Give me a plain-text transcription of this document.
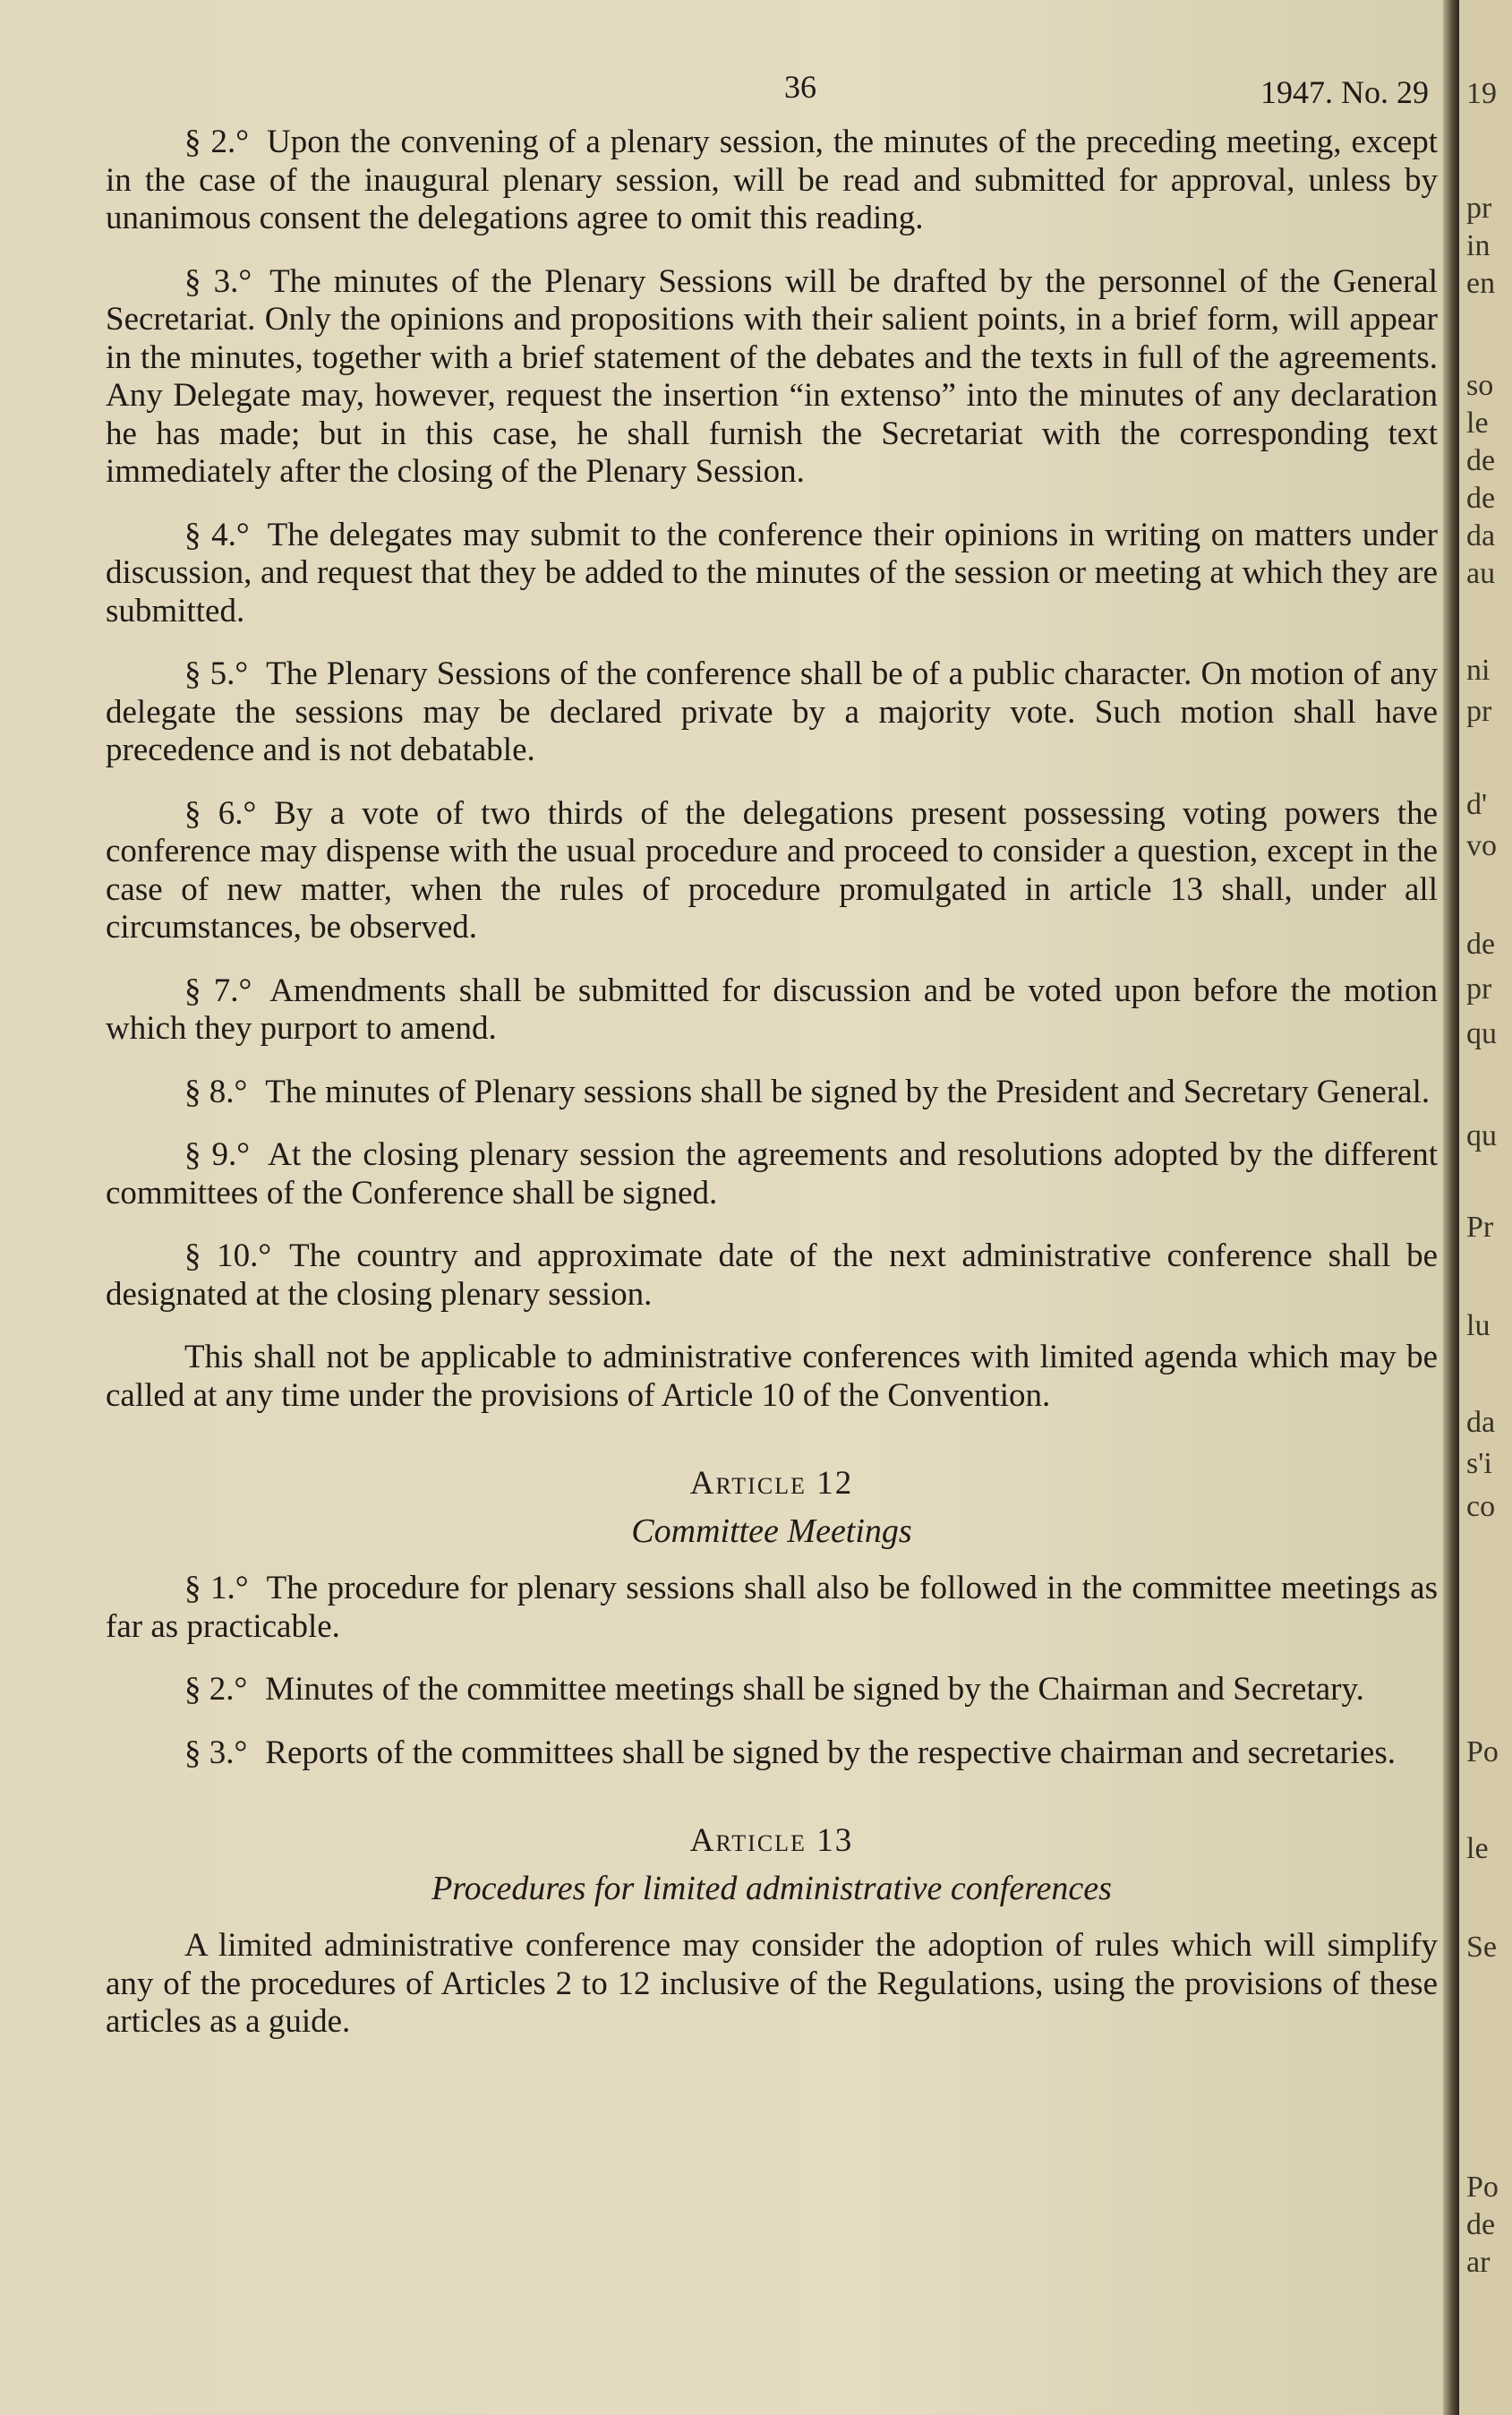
36	1947. No. 29

§ 2.° Upon the convening of a plenary session, the minutes of the preceding meeting, except in the case of the inaugural plenary session, will be read and submitted for approval, unless by unanimous consent the delegations agree to omit this reading.

§ 3.° The minutes of the Plenary Sessions will be drafted by the personnel of the General Secretariat. Only the opinions and propositions with their salient points, in a brief form, will appear in the minutes, together with a brief statement of the debates and the texts in full of the agreements. Any Delegate may, however, request the insertion “in extenso” into the minutes of any declaration he has made; but in this case, he shall furnish the Secretariat with the corresponding text immediately after the closing of the Plenary Session.

§ 4.° The delegates may submit to the conference their opinions in writing on matters under discussion, and request that they be added to the minutes of the session or meeting at which they are submitted.

§ 5.° The Plenary Sessions of the conference shall be of a public character. On motion of any delegate the sessions may be declared private by a majority vote. Such motion shall have precedence and is not debatable.

§ 6.° By a vote of two thirds of the delegations present possessing voting powers the conference may dispense with the usual procedure and proceed to consider a question, except in the case of new matter, when the rules of procedure promulgated in article 13 shall, under all circumstances, be observed.

§ 7.° Amendments shall be submitted for discussion and be voted upon before the motion which they purport to amend.

§ 8.° The minutes of Plenary sessions shall be signed by the President and Secretary General.

§ 9.° At the closing plenary session the agreements and resolutions adopted by the different committees of the Conference shall be signed.

§ 10.° The country and approximate date of the next administrative conference shall be designated at the closing plenary session.

This shall not be applicable to administrative conferences with limited agenda which may be called at any time under the provisions of Article 10 of the Convention.

Article 12
Committee Meetings

§ 1.° The procedure for plenary sessions shall also be followed in the committee meetings as far as practicable.

§ 2.° Minutes of the committee meetings shall be signed by the Chairman and Secretary.

§ 3.° Reports of the committees shall be signed by the respective chairman and secretaries.

Article 13
Procedures for limited administrative conferences

A limited administrative conference may consider the adoption of rules which will simplify any of the procedures of Articles 2 to 12 inclusive of the Regulations, using the provisions of these articles as a guide.

19
pr
in
en
so
le
de
de
da
au
ni
pr
d'
vo
de
pr
qu
qu
Pr
lu
da
s'i
co
Po
le
Se
Po
de
ar
